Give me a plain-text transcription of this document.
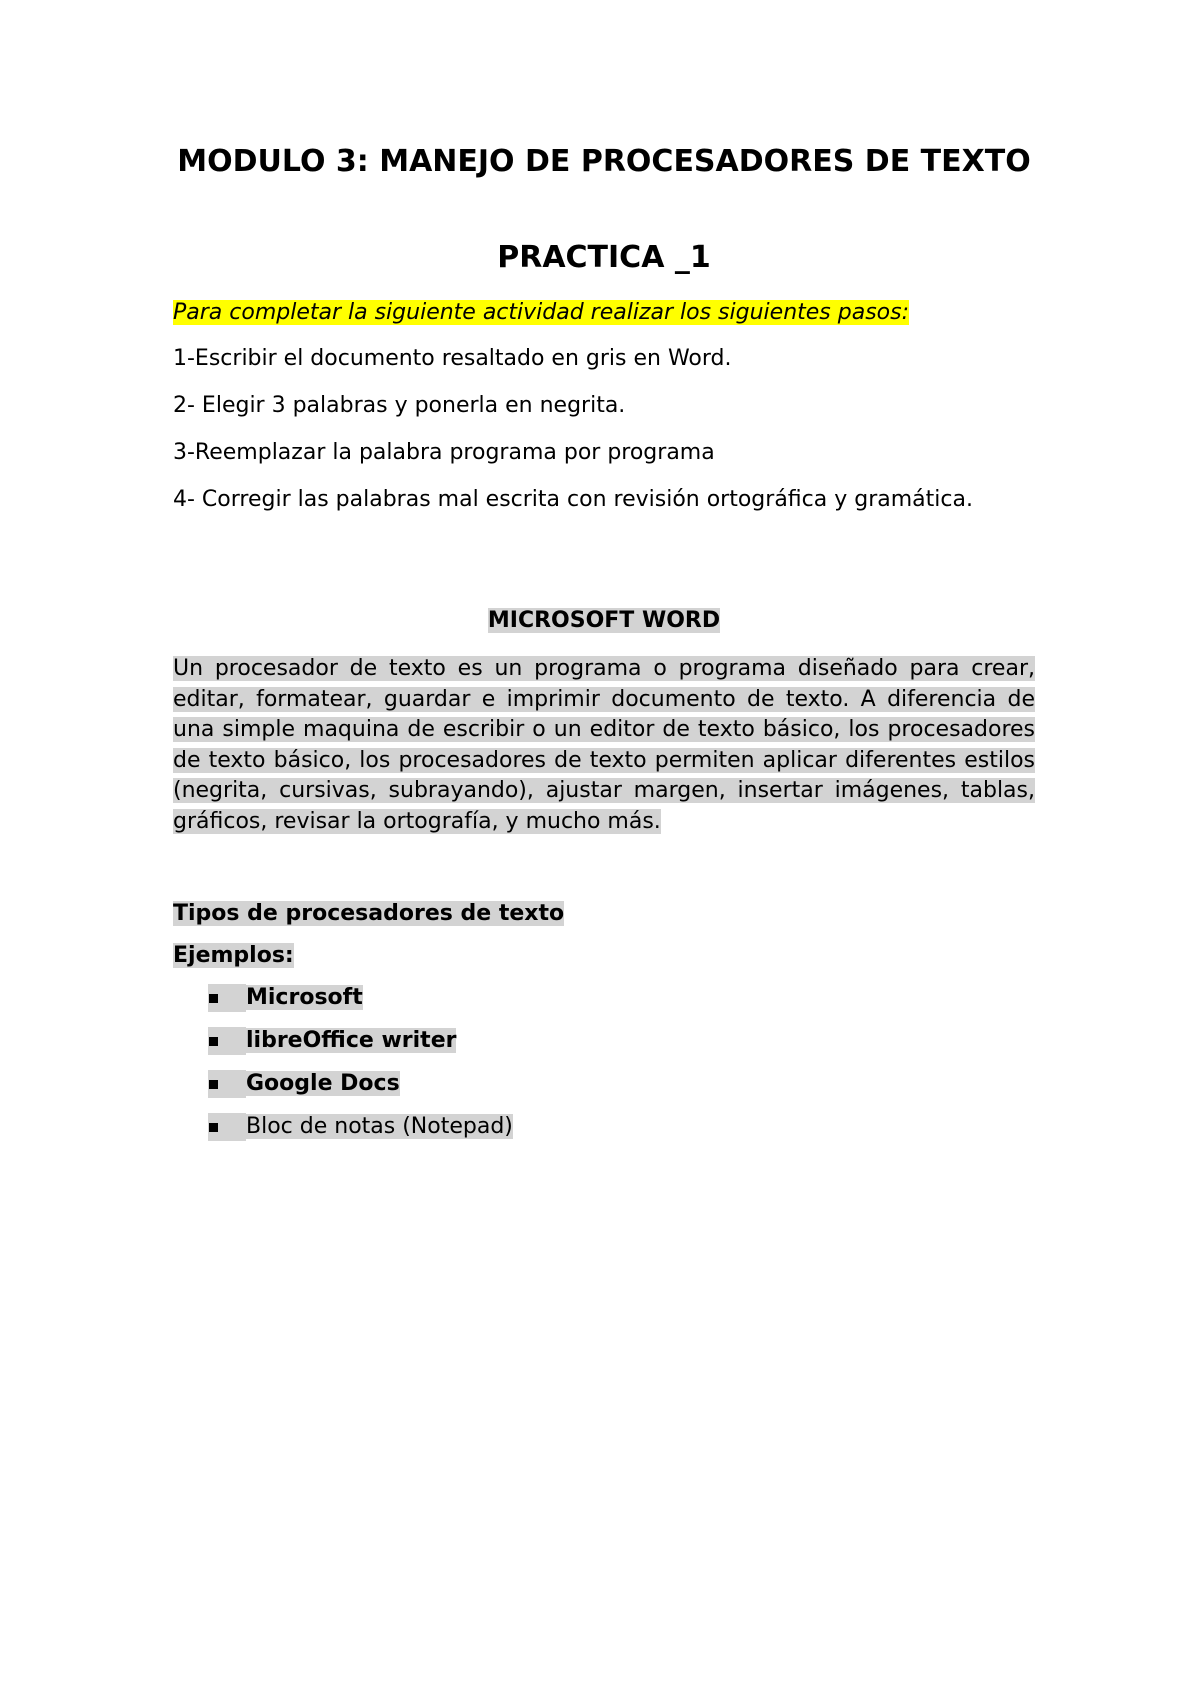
MODULO 3: MANEJO DE PROCESADORES DE TEXTO
PRACTICA _1

Para completar la siguiente actividad realizar los siguientes pasos:

1-Escribir el documento resaltado en gris en Word.

2- Elegir 3 palabras y ponerla en negrita.

3-Reemplazar la palabra programa por programa

4- Corregir las palabras mal escrita con revisión ortográfica y gramática.

MICROSOFT WORD

Un procesador de texto es un programa o programa diseñado para crear, editar, formatear, guardar e imprimir documento de texto. A diferencia de una simple maquina de escribir o un editor de texto básico, los procesadores de texto básico, los procesadores de texto permiten aplicar diferentes estilos (negrita, cursivas, subrayando), ajustar margen, insertar imágenes, tablas, gráficos, revisar la ortografía, y mucho más.

Tipos de procesadores de texto

Ejemplos:

Microsoft
libreOffice writer
Google Docs
Bloc de notas (Notepad)
